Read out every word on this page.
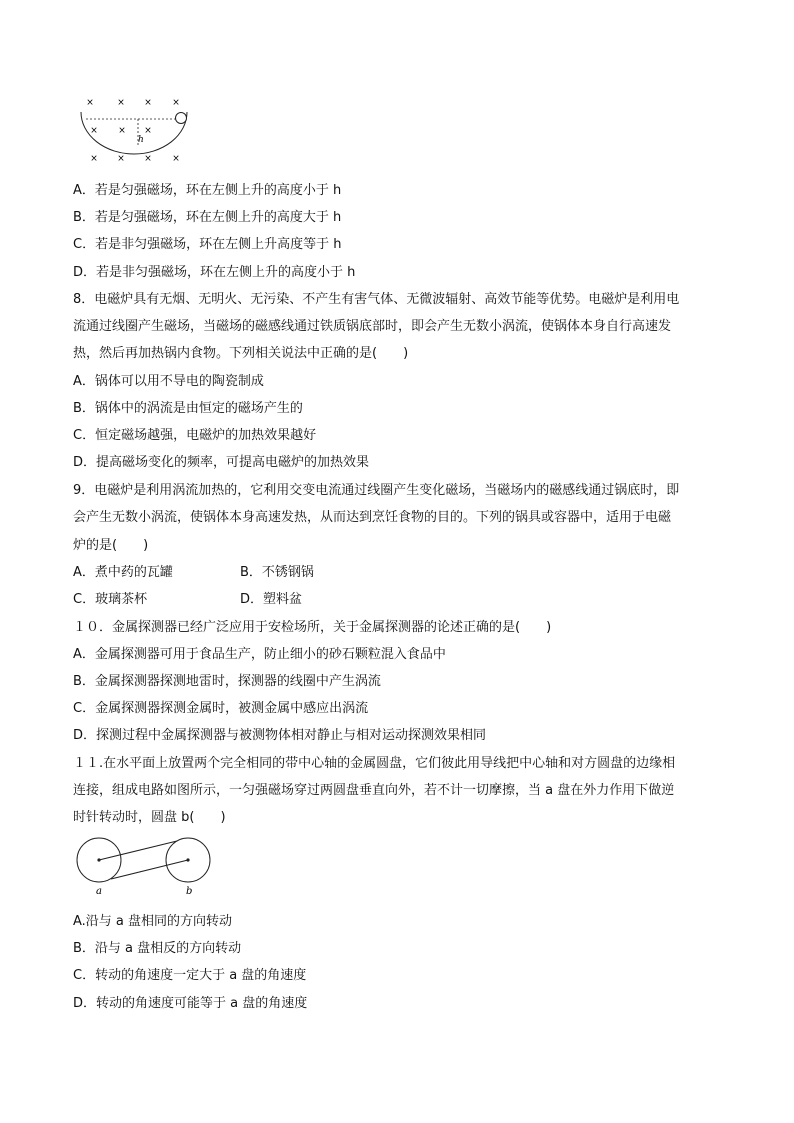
×	× × ×
× × ×
h
× × × ×
A．若是匀强磁场，环在左侧上升的高度小于 h
B．若是匀强磁场，环在左侧上升的高度大于 h
C．若是非匀强磁场，环在左侧上升高度等于 h
D．若是非匀强磁场，环在左侧上升的高度小于 h
8．电磁炉具有无烟、无明火、无污染、不产生有害气体、无微波辐射、高效节能等优势。电磁炉是利用电
流通过线圈产生磁场，当磁场的磁感线通过铁质锅底部时，即会产生无数小涡流，使锅体本身自行高速发
热，然后再加热锅内食物。下列相关说法中正确的是(　　)
A．锅体可以用不导电的陶瓷制成
B．锅体中的涡流是由恒定的磁场产生的
C．恒定磁场越强，电磁炉的加热效果越好
D．提高磁场变化的频率，可提高电磁炉的加热效果
9．电磁炉是利用涡流加热的，它利用交变电流通过线圈产生变化磁场，当磁场内的磁感线通过锅底时，即
会产生无数小涡流，使锅体本身高速发热，从而达到烹饪食物的目的。下列的锅具或容器中，适用于电磁
炉的是(　　)
A．煮中药的瓦罐	B．不锈钢锅
C．玻璃茶杯	D．塑料盆
１０．金属探测器已经广泛应用于安检场所，关于金属探测器的论述正确的是(　　)
A．金属探测器可用于食品生产，防止细小的砂石颗粒混入食品中
B．金属探测器探测地雷时，探测器的线圈中产生涡流
C．金属探测器探测金属时，被测金属中感应出涡流
D．探测过程中金属探测器与被测物体相对静止与相对运动探测效果相同
１１.在水平面上放置两个完全相同的带中心轴的金属圆盘，它们彼此用导线把中心轴和对方圆盘的边缘相
连接，组成电路如图所示，一匀强磁场穿过两圆盘垂直向外，若不计一切摩擦，当 a 盘在外力作用下做逆
时针转动时，圆盘 b(　　)
a	b
A.沿与 a 盘相同的方向转动
B．沿与 a 盘相反的方向转动
C．转动的角速度一定大于 a 盘的角速度
D．转动的角速度可能等于 a 盘的角速度
